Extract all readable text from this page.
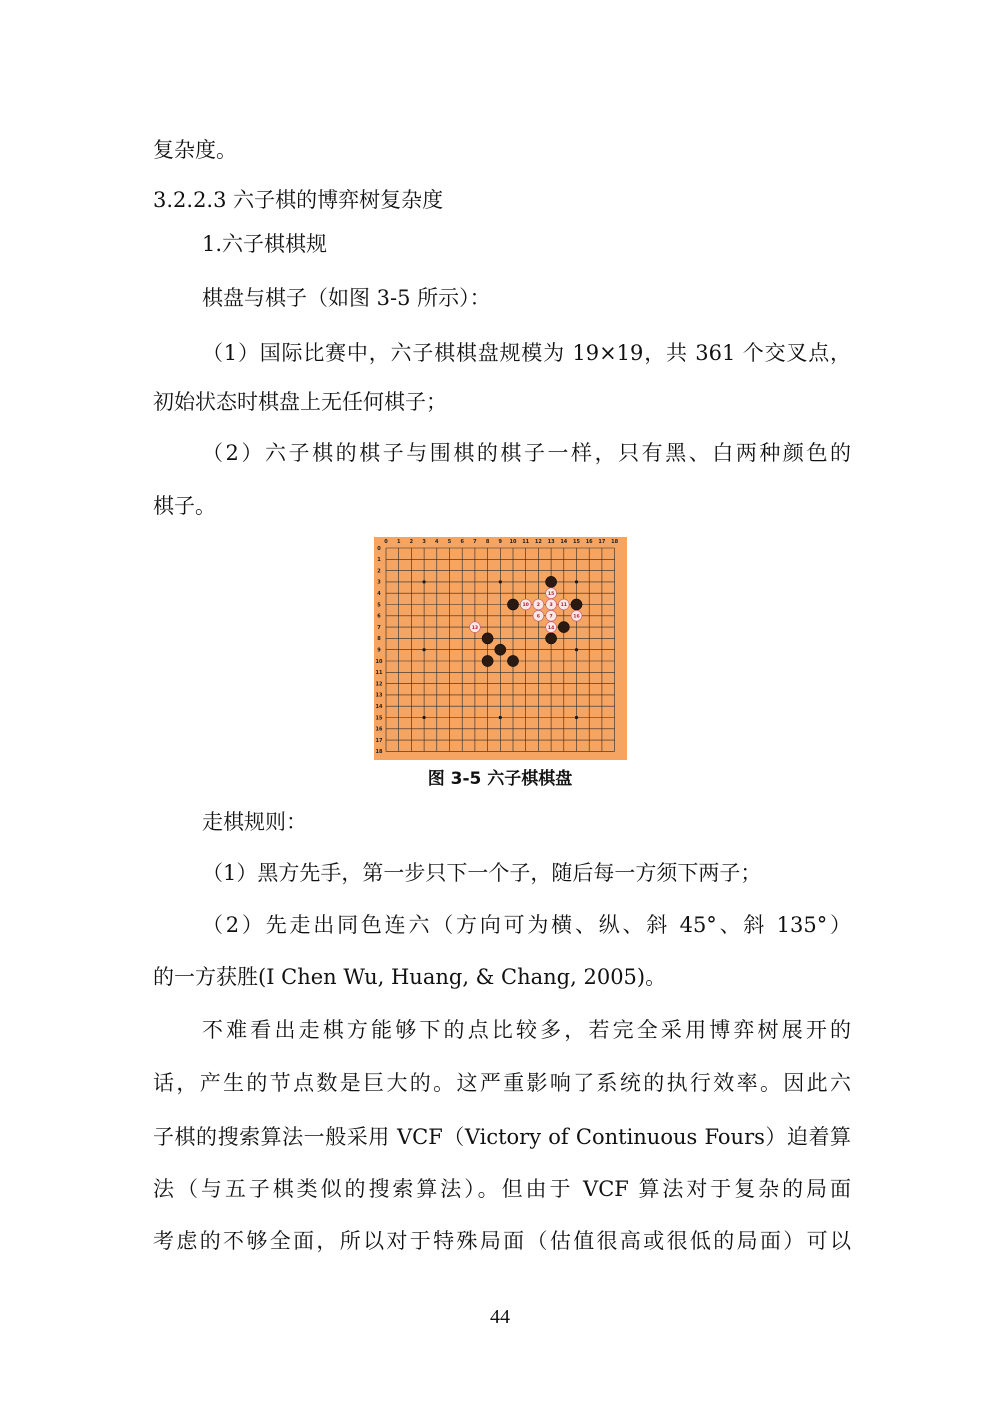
复杂度。
3.2.2.3 六子棋的博弈树复杂度
1.六子棋棋规
棋盘与棋子（如图 3-5 所示）：
（1）国际比赛中，六子棋棋盘规模为 19×19，共 361 个交叉点，
初始状态时棋盘上无任何棋子；
（2）六子棋的棋子与围棋的棋子一样，只有黑、白两种颜色的
棋子。
0
0
1
1
2
2
3
3
4
4
5
5
6
6
7
7
8
8
9
9
10
10
11
11
12
12
13
13
14
14
15
15
16
16
17
17
18
18
15
10 2 3 11
6 7	16
14
13
图 3-5 六子棋棋盘
走棋规则：
（1）黑方先手，第一步只下一个子，随后每一方须下两子；
（2）先走出同色连六（方向可为横、纵、斜 45°、斜 135°）
的一方获胜(I Chen Wu, Huang, & Chang, 2005)。
不难看出走棋方能够下的点比较多，若完全采用博弈树展开的
话，产生的节点数是巨大的。这严重影响了系统的执行效率。因此六
子棋的搜索算法一般采用 VCF（Victory of Continuous Fours）迫着算
法（与五子棋类似的搜索算法）。但由于 VCF 算法对于复杂的局面
考虑的不够全面，所以对于特殊局面（估值很高或很低的局面）可以
44
